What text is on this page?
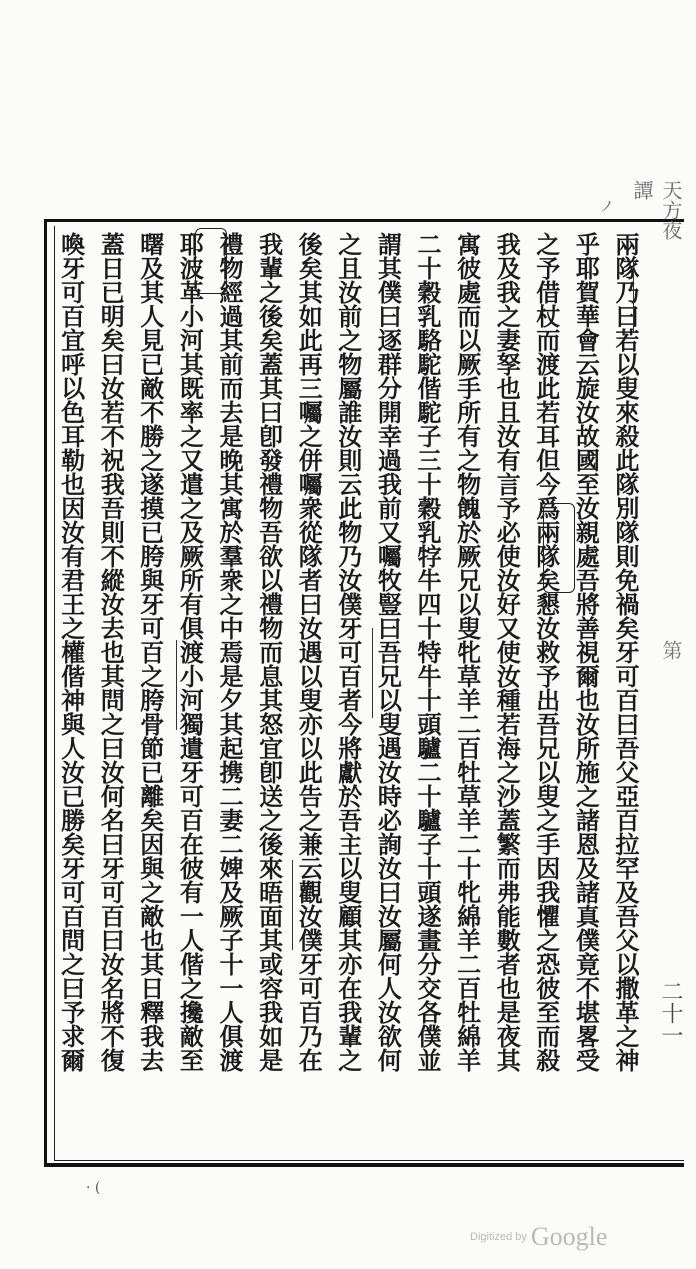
天方夜譚
第
二十一
兩隊乃曰若以叟來殺此隊別隊則免禍矣牙可百曰吾父亞百拉罕及吾父以撒革之神
乎耶賀華會云旋汝故國至汝親處吾將善視爾也汝所施之諸恩及諸真僕竟不堪畧受
之予借杖而渡此若耳但今爲兩隊矣懇汝救予出吾兄以叟之手因我懼之恐彼至而殺
我及我之妻孥也且汝有言予必使汝好又使汝種若海之沙蓋繁而弗能數者也是夜其
寓彼處而以厥手所有之物餽於厥兄以叟牝草羊二百牡草羊二十牝綿羊二百牡綿羊
二十穀乳駱駝偕駝子三十穀乳牸牛四十特牛十頭驢二十驢子十頭遂畫分交各僕並
謂其僕曰逐群分開幸過我前又囑牧豎曰吾兄以叟遇汝時必詢汝曰汝屬何人汝欲何
之且汝前之物屬誰汝則云此物乃汝僕牙可百者今將獻於吾主以叟顧其亦在我輩之
後矣其如此再三囑之併囑衆從隊者曰汝遇以叟亦以此告之兼云觀汝僕牙可百乃在
我輩之後矣蓋其曰卽發禮物吾欲以禮物而息其怒宜卽送之後來晤面其或容我如是
禮物經過其前而去是晚其寓於羣衆之中焉是夕其起携二妻二婢及厥子十一人俱渡
耶波革小河其既率之又遣之及厥所有俱渡小河獨遺牙可百在彼有一人偕之攙敵至
曙及其人見已敵不勝之遂摸已胯與牙可百之胯骨節已離矣因與之敵也其日釋我去
蓋日已明矣曰汝若不祝我吾則不縱汝去也其問之曰汝何名曰牙可百曰汝名將不復
喚牙可百宜呼以色耳勒也因汝有君王之權偕神與人汝已勝矣牙可百問之曰予求爾
ノ
· (
Digitized by Google
